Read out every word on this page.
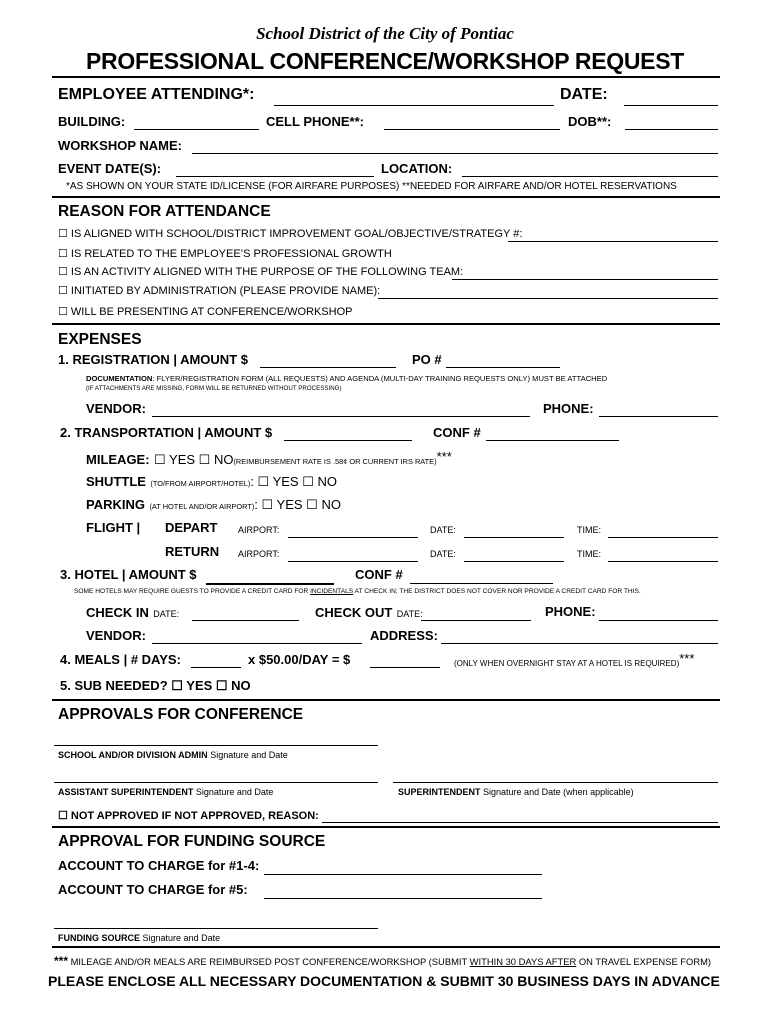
School District of the City of Pontiac
PROFESSIONAL CONFERENCE/WORKSHOP REQUEST
EMPLOYEE ATTENDING*:	DATE:
BUILDING:	CELL PHONE**:	DOB**:
WORKSHOP NAME:
EVENT DATE(S):	LOCATION:
*AS SHOWN ON YOUR STATE ID/LICENSE (FOR AIRFARE PURPOSES) **NEEDED FOR AIRFARE AND/OR HOTEL RESERVATIONS
REASON FOR ATTENDANCE
☐ IS ALIGNED WITH SCHOOL/DISTRICT IMPROVEMENT GOAL/OBJECTIVE/STRATEGY #:
☐ IS RELATED TO THE EMPLOYEE’S PROFESSIONAL GROWTH
☐ IS AN ACTIVITY ALIGNED WITH THE PURPOSE OF THE FOLLOWING TEAM:
☐ INITIATED BY ADMINISTRATION (PLEASE PROVIDE NAME):
☐ WILL BE PRESENTING AT CONFERENCE/WORKSHOP
EXPENSES
1. REGISTRATION | AMOUNT $	PO #
DOCUMENTATION: FLYER/REGISTRATION FORM (ALL REQUESTS) AND AGENDA (MULTI-DAY TRAINING REQUESTS ONLY) MUST BE ATTACHED
(IF ATTACHMENTS ARE MISSING, FORM WILL BE RETURNED WITHOUT PROCESSING)
VENDOR:	PHONE:
2. TRANSPORTATION | AMOUNT $	CONF #
MILEAGE: ☐ YES ☐ NO(REIMBURSEMENT RATE IS .58¢ OR CURRENT IRS RATE)***
SHUTTLE (TO/FROM AIRPORT/HOTEL): ☐ YES ☐ NO
PARKING (AT HOTEL AND/OR AIRPORT): ☐ YES ☐ NO
FLIGHT | DEPART AIRPORT:	DATE:	TIME:
RETURN AIRPORT:	DATE:	TIME:
3. HOTEL | AMOUNT $	CONF #
SOME HOTELS MAY REQUIRE GUESTS TO PROVIDE A CREDIT CARD FOR INCIDENTALS AT CHECK IN; THE DISTRICT DOES NOT COVER NOR PROVIDE A CREDIT CARD FOR THIS.
CHECK IN DATE:	CHECK OUT DATE:	PHONE:
VENDOR:	ADDRESS:
4. MEALS | # DAYS:	x $50.00/DAY = $	(ONLY WHEN OVERNIGHT STAY AT A HOTEL IS REQUIRED)***
5. SUB NEEDED? ☐ YES ☐ NO
APPROVALS FOR CONFERENCE
SCHOOL AND/OR DIVISION ADMIN Signature and Date
ASSISTANT SUPERINTENDENT Signature and Date	SUPERINTENDENT Signature and Date (when applicable)
☐ NOT APPROVED IF NOT APPROVED, REASON:
APPROVAL FOR FUNDING SOURCE
ACCOUNT TO CHARGE for #1-4:
ACCOUNT TO CHARGE for #5:
FUNDING SOURCE Signature and Date
*** MILEAGE AND/OR MEALS ARE REIMBURSED POST CONFERENCE/WORKSHOP (SUBMIT WITHIN 30 DAYS AFTER ON TRAVEL EXPENSE FORM)
PLEASE ENCLOSE ALL NECESSARY DOCUMENTATION & SUBMIT 30 BUSINESS DAYS IN ADVANCE
